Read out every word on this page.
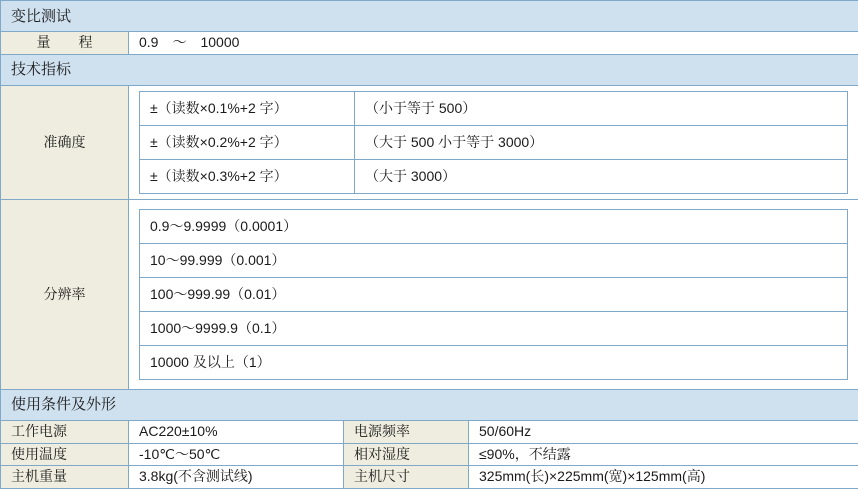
变比测试
量　　程	0.9　～　10000
技术指标
准确度	
±（读数×0.1%+2 字）	（小于等于 500）
±（读数×0.2%+2 字）	（大于 500 小于等于 3000）
±（读数×0.3%+2 字）	（大于 3000）

分辨率	
0.9～9.9999（0.0001）
10～99.999（0.001）
100～999.99（0.01）
1000～9999.9（0.1）
10000 及以上（1）

使用条件及外形
工作电源	AC220±10%	电源频率	50/60Hz
使用温度	-10℃～50℃	相对湿度	≤90%，不结露
主机重量	3.8kg(不含测试线)	主机尺寸	325mm(长)×225mm(宽)×125mm(高)
